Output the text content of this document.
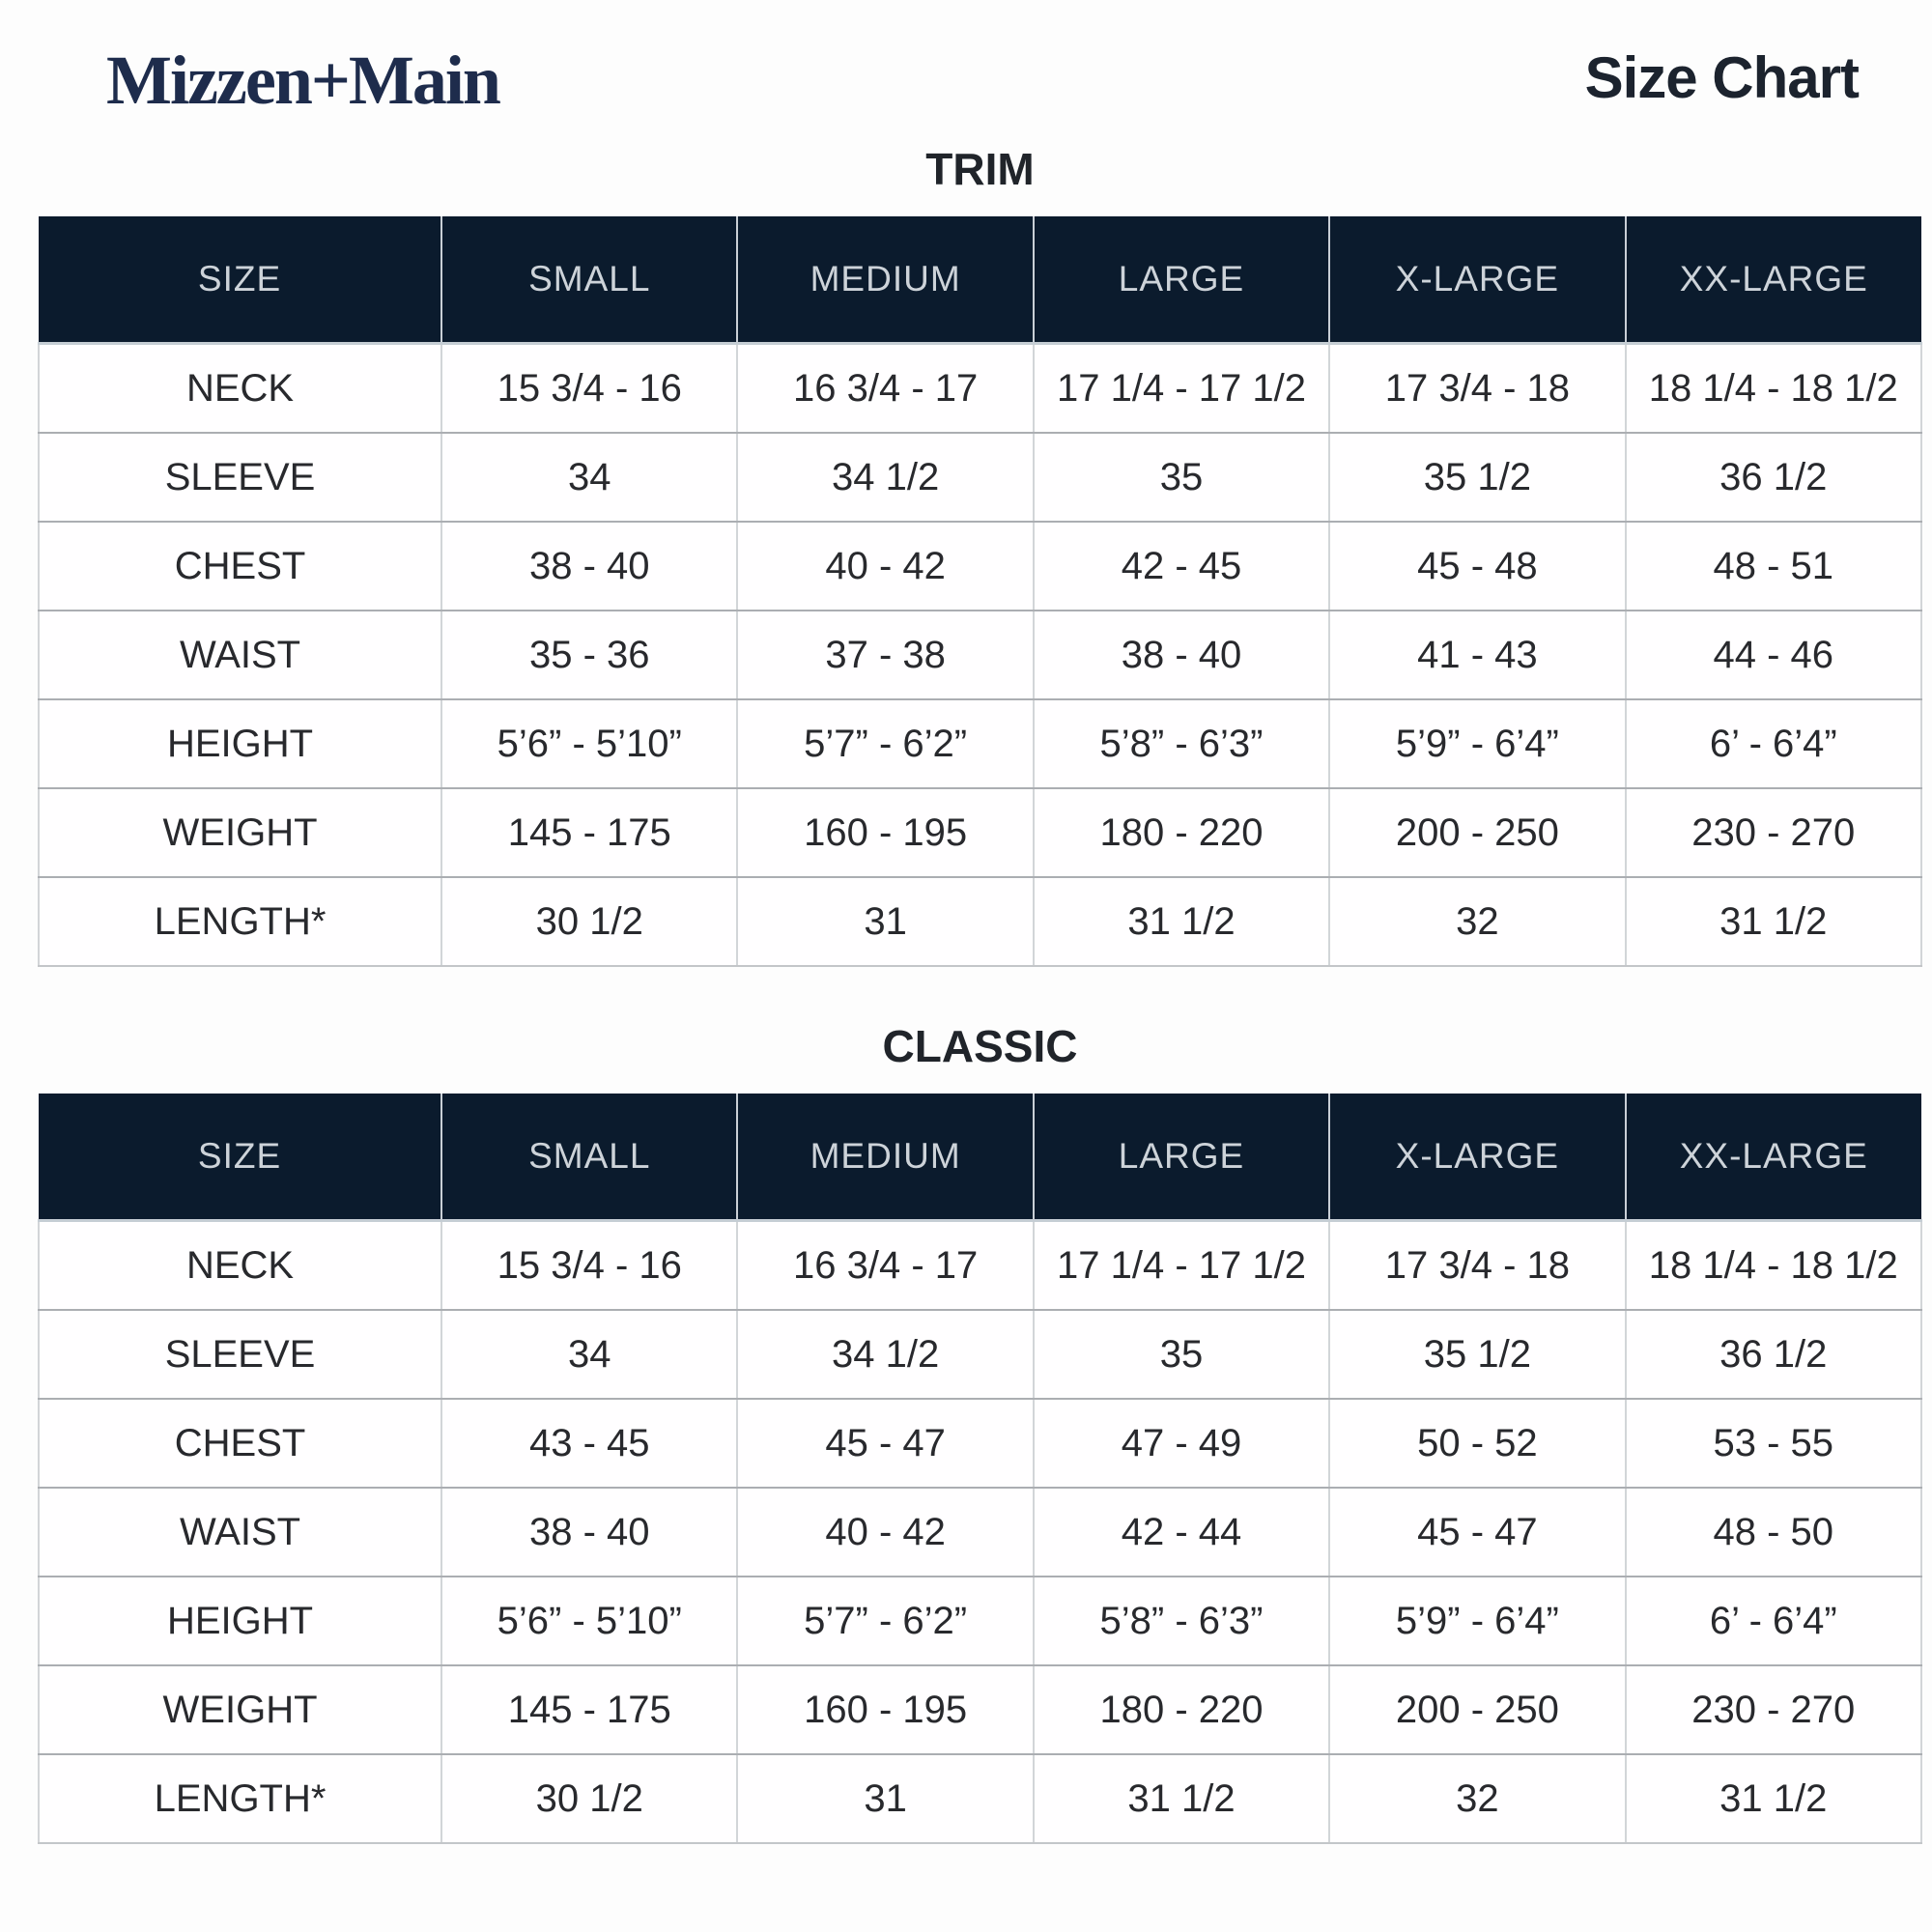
Mizzen+Main	Size Chart
TRIM
SIZE	SMALL	MEDIUM	LARGE	X-LARGE	XX-LARGE
NECK	15 3/4 - 16	16 3/4 - 17	17 1/4 - 17 1/2	17 3/4 - 18	18 1/4 - 18 1/2
SLEEVE	34	34 1/2	35	35 1/2	36 1/2
CHEST	38 - 40	40 - 42	42 - 45	45 - 48	48 - 51
WAIST	35 - 36	37 - 38	38 - 40	41 - 43	44 - 46
HEIGHT	5’6” - 5’10”	5’7” - 6’2”	5’8” - 6’3”	5’9” - 6’4”	6’ - 6’4”
WEIGHT	145 - 175	160 - 195	180 - 220	200 - 250	230 - 270
LENGTH*	30 1/2	31	31 1/2	32	31 1/2
CLASSIC
SIZE	SMALL	MEDIUM	LARGE	X-LARGE	XX-LARGE
NECK	15 3/4 - 16	16 3/4 - 17	17 1/4 - 17 1/2	17 3/4 - 18	18 1/4 - 18 1/2
SLEEVE	34	34 1/2	35	35 1/2	36 1/2
CHEST	43 - 45	45 - 47	47 - 49	50 - 52	53 - 55
WAIST	38 - 40	40 - 42	42 - 44	45 - 47	48 - 50
HEIGHT	5’6” - 5’10”	5’7” - 6’2”	5’8” - 6’3”	5’9” - 6’4”	6’ - 6’4”
WEIGHT	145 - 175	160 - 195	180 - 220	200 - 250	230 - 270
LENGTH*	30 1/2	31	31 1/2	32	31 1/2
